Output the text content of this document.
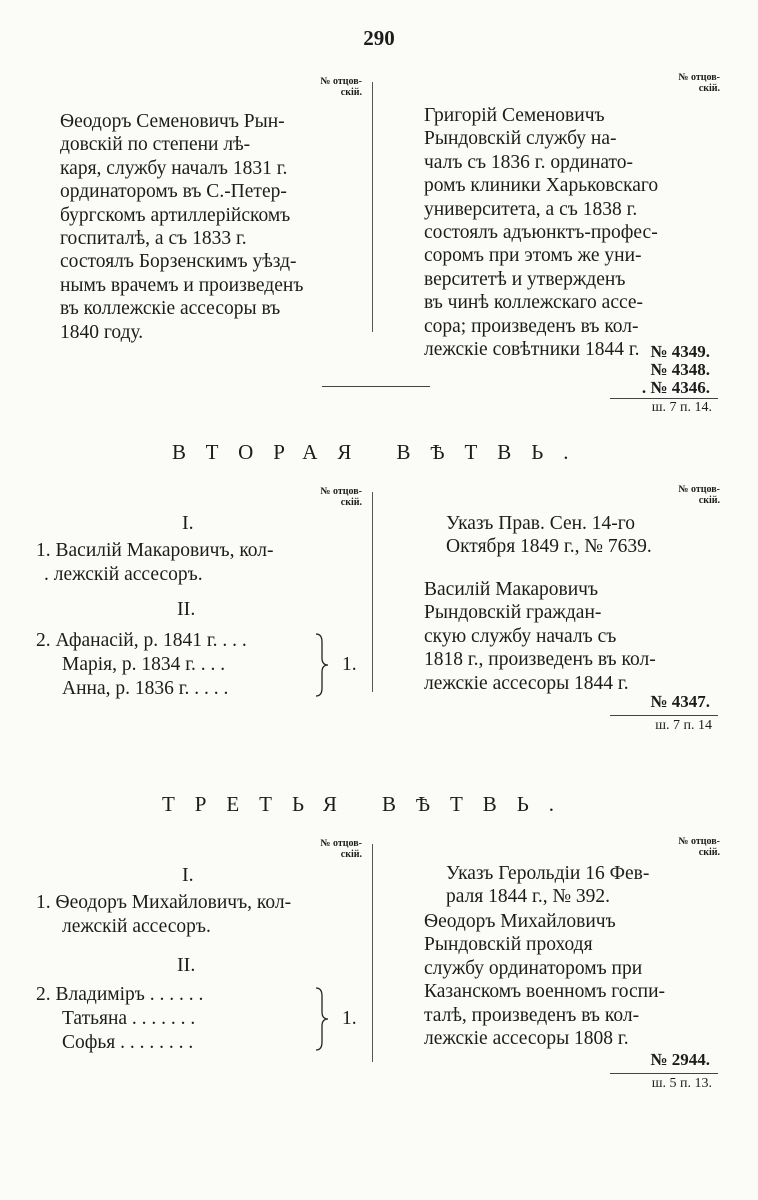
290
№ отцов-
скій.
№ отцов-
скій.
Ѳеодоръ Семеновичъ Рын-
довскій по степени лѣ-
каря, службу началъ 1831 г.
ординаторомъ въ С.-Петер-
бургскомъ артиллерійскомъ
госпиталѣ, а съ 1833 г.
состоялъ Борзенскимъ уѣзд-
нымъ врачемъ и произведенъ
въ коллежскіе ассесоры въ
1840 году.
Григорій Семеновичъ
Рындовскій службу на-
чалъ съ 1836 г. ординато-
ромъ клиники Харьковскаго
университета, а съ 1838 г.
состоялъ адъюнктъ-профес-
соромъ при этомъ же уни-
верситетѣ и утвержденъ
въ чинѣ коллежскаго ассе-
сора; произведенъ въ кол-
лежскіе совѣтники 1844 г. № 4349.
№ 4348.
. № 4346.
ш. 7 п. 14.
ВТОРАЯ ВѢТВЬ.
№ отцов-
скій.
№ отцов-
скій.
I.
1. Василій Макаровичъ, кол-
. лежскій ассесоръ.
II.
2. Афанасій, р. 1841 г. . . .
Марія, р. 1834 г. . . .
Анна, р. 1836 г. . . . .
1.
Указъ Прав. Сен. 14-го
Октября 1849 г., № 7639.
Василій Макаровичъ
Рындовскій граждан-
скую службу началъ съ
1818 г., произведенъ въ кол-
лежскіе ассесоры 1844 г.
№ 4347.
ш. 7 п. 14
ТРЕТЬЯ ВѢТВЬ.
№ отцов-
скій.
№ отцов-
скій.
I.
1. Ѳеодоръ Михайловичъ, кол-
лежскій ассесоръ.
II.
2. Владиміръ . . . . . .
Татьяна . . . . . . .
Софья . . . . . . . .
1.
Указъ Герольдіи 16 Фев-
раля 1844 г., № 392.
Ѳеодоръ Михайловичъ
Рындовскій проходя
службу ординаторомъ при
Казанскомъ военномъ госпи-
талѣ, произведенъ въ кол-
лежскіе ассесоры 1808 г.
№ 2944.
ш. 5 п. 13.
